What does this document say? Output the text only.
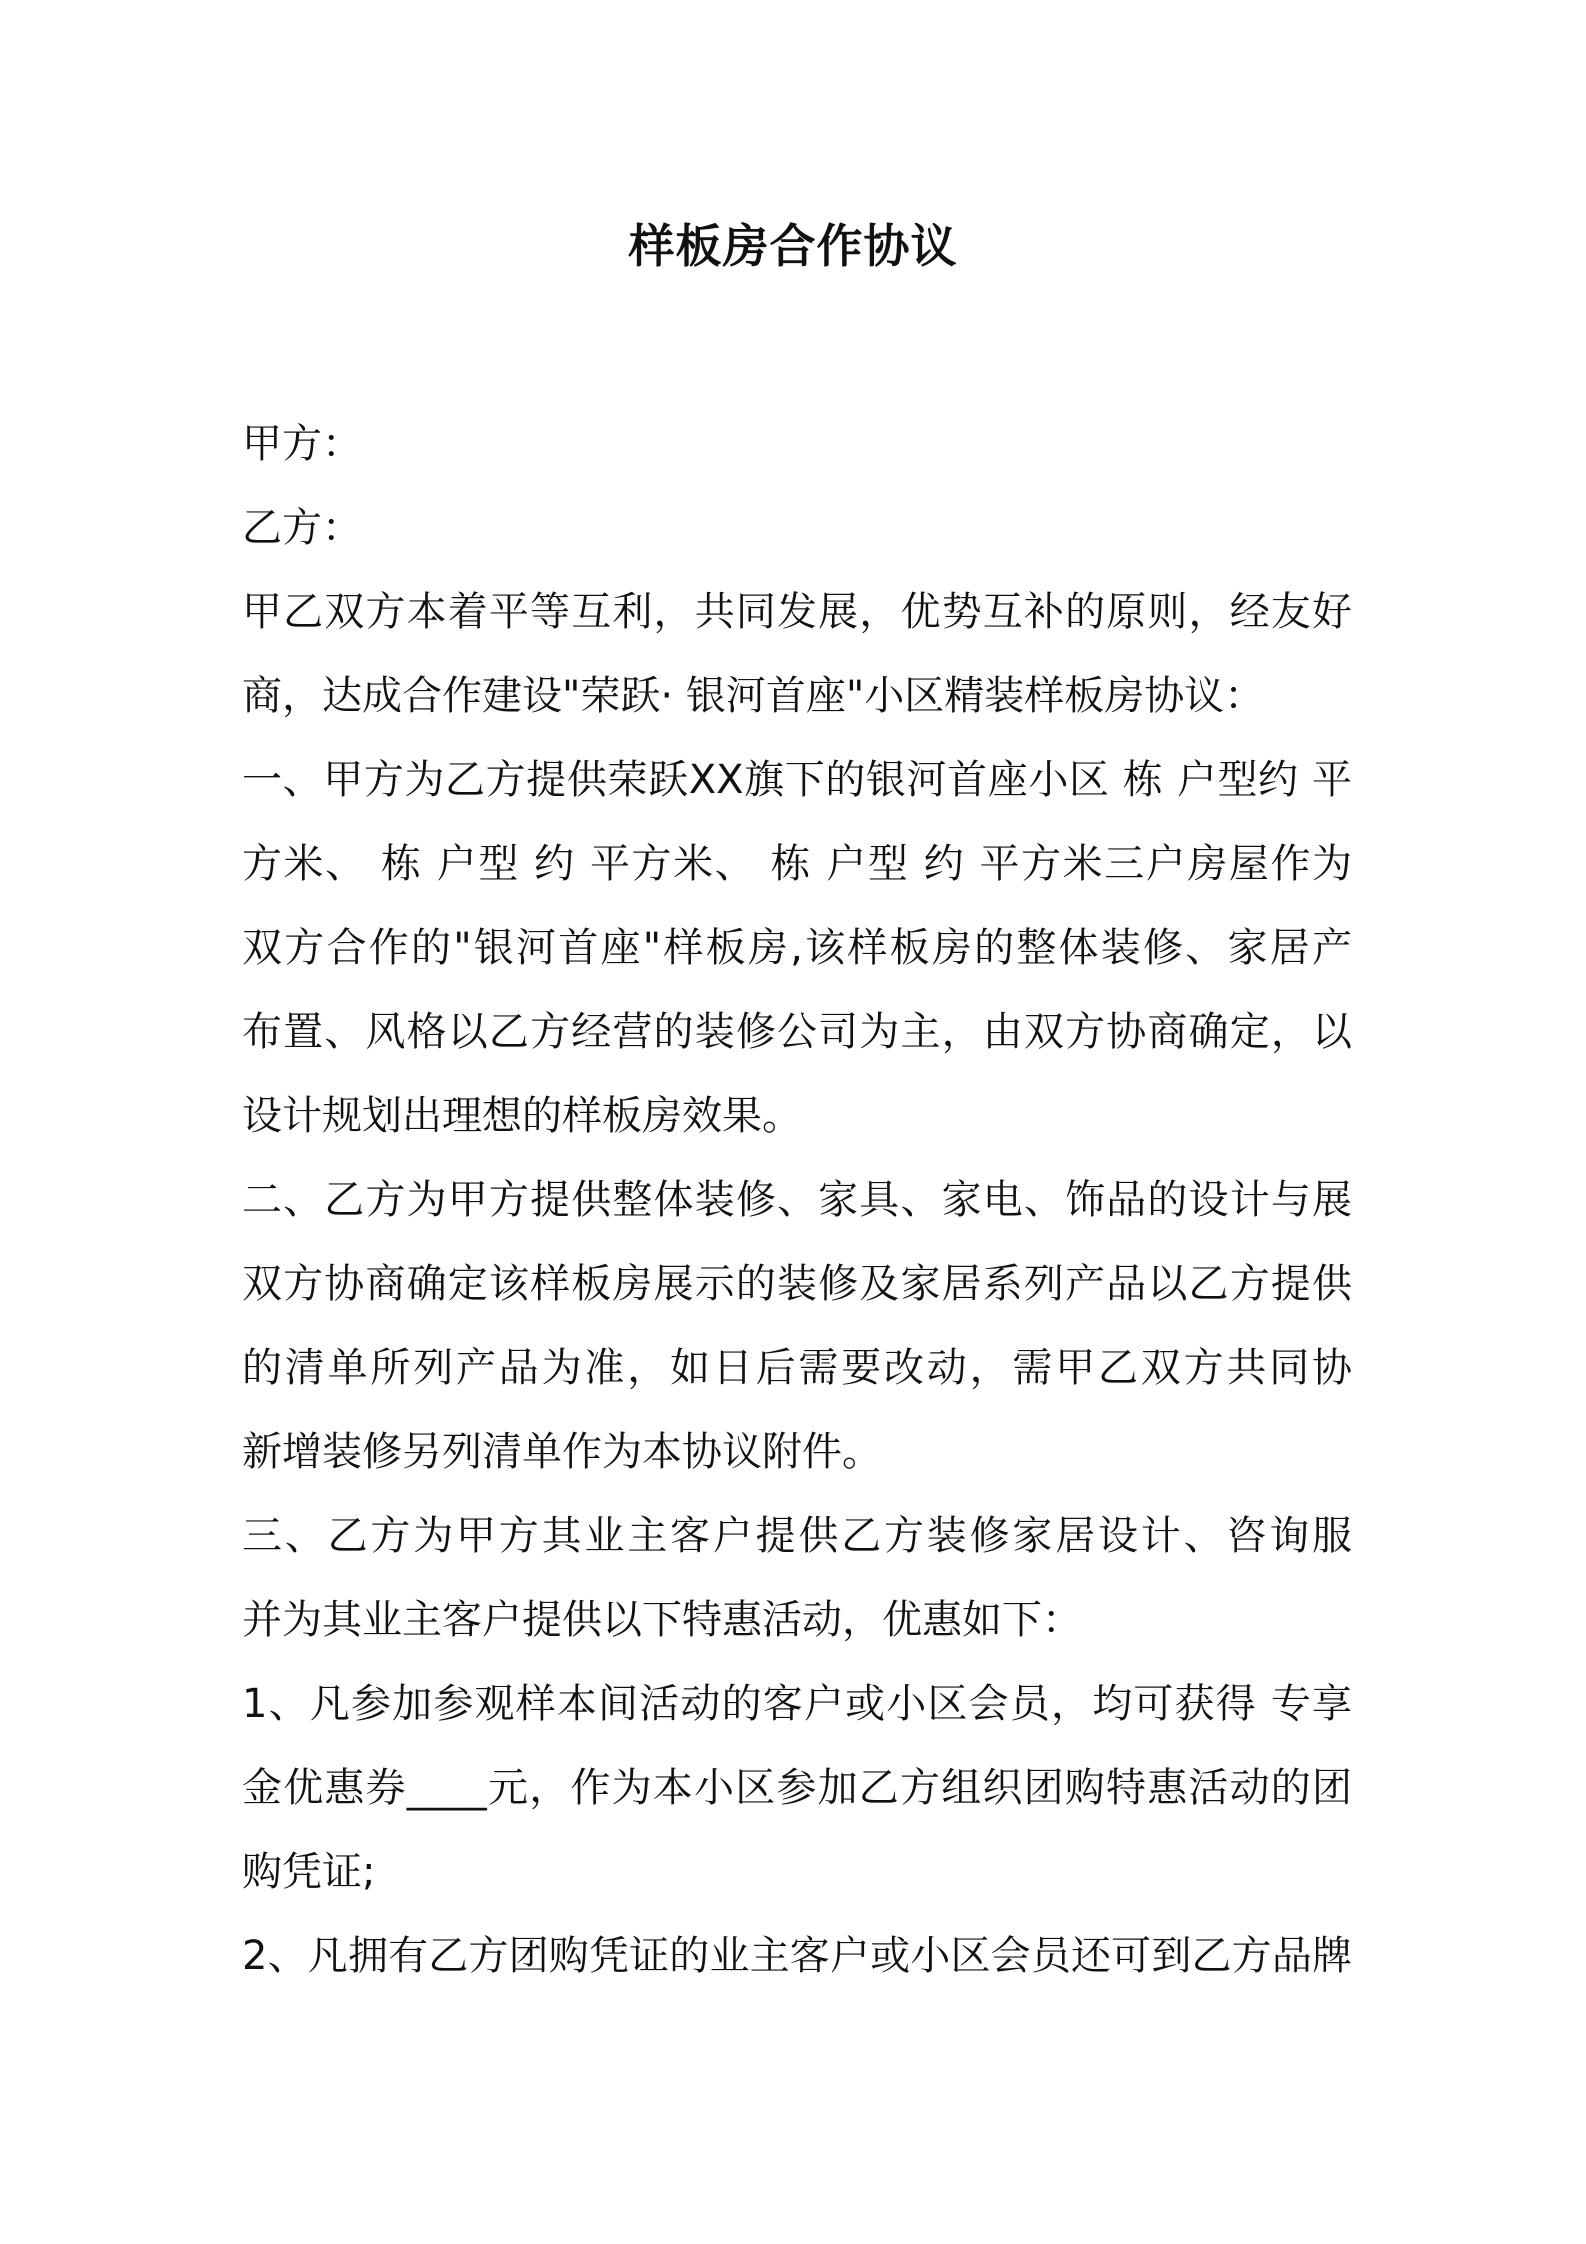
样板房合作协议
甲方：
乙方：
甲乙双方本着平等互利，共同发展，优势互补的原则，经友好
商，达成合作建设"荣跃· 银河首座"小区精装样板房协议：
一、甲方为乙方提供荣跃XX旗下的银河首座小区 栋 户型约 平
方米、 栋 户型 约 平方米、 栋 户型 约 平方米三户房屋作为
双方合作的"银河首座"样板房,该样板房的整体装修、家居产
布置、风格以乙方经营的装修公司为主，由双方协商确定，以
设计规划出理想的样板房效果。
二、乙方为甲方提供整体装修、家具、家电、饰品的设计与展
双方协商确定该样板房展示的装修及家居系列产品以乙方提供
的清单所列产品为准，如日后需要改动，需甲乙双方共同协
新增装修另列清单作为本协议附件。
三、乙方为甲方其业主客户提供乙方装修家居设计、咨询服
并为其业主客户提供以下特惠活动，优惠如下：
1、凡参加参观样本间活动的客户或小区会员，均可获得 专享
金优惠券____元，作为本小区参加乙方组织团购特惠活动的团
购凭证;
2、凡拥有乙方团购凭证的业主客户或小区会员还可到乙方品牌
